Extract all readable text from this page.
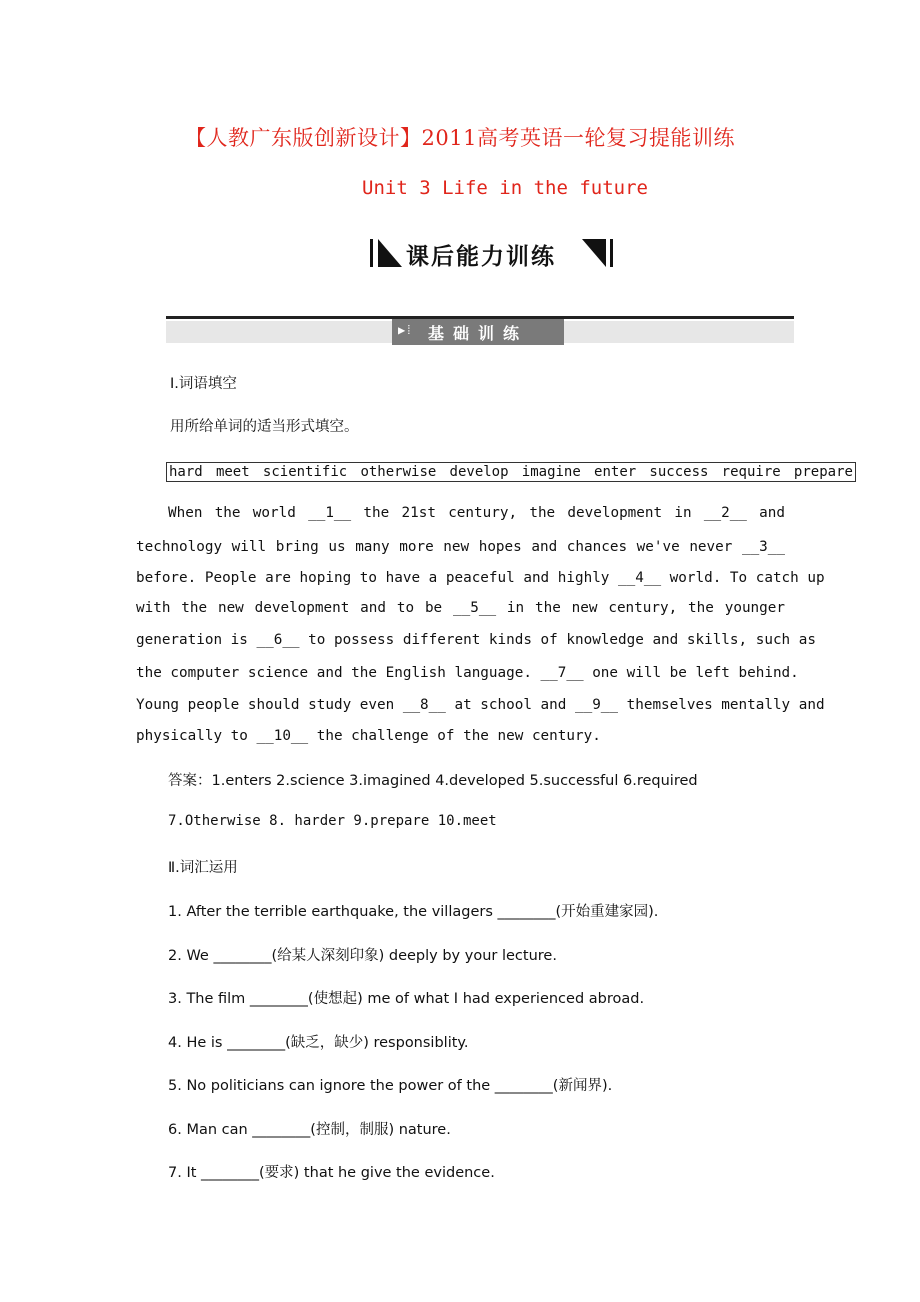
【人教广东版创新设计】2011高考英语一轮复习提能训练
Unit 3 Life in the future
课后能力训练
▶⁞ 基础训练
Ⅰ.词语填空
用所给单词的适当形式填空。
hard meet scientific otherwise develop imagine enter success require prepare
When the world __1__ the 21st century, the development in __2__ and
technology will bring us many more new hopes and chances we've never __3__
before. People are hoping to have a peaceful and highly __4__ world. To catch up
with the new development and to be __5__ in the new century, the younger
generation is __6__ to possess different kinds of knowledge and skills, such as
the computer science and the English language. __7__ one will be left behind.
Young people should study even __8__ at school and __9__ themselves mentally and
physically to __10__ the challenge of the new century.
答案：1.enters 2.science 3.imagined 4.developed 5.successful 6.required
7.Otherwise 8. harder 9.prepare 10.meet
Ⅱ.词汇运用
1. After the terrible earthquake, the villagers ________(开始重建家园).
2. We ________(给某人深刻印象) deeply by your lecture.
3. The film ________(使想起) me of what I had experienced abroad.
4. He is ________(缺乏，缺少) responsiblity.
5. No politicians can ignore the power of the ________(新闻界).
6. Man can ________(控制，制服) nature.
7. It ________(要求) that he give the evidence.
